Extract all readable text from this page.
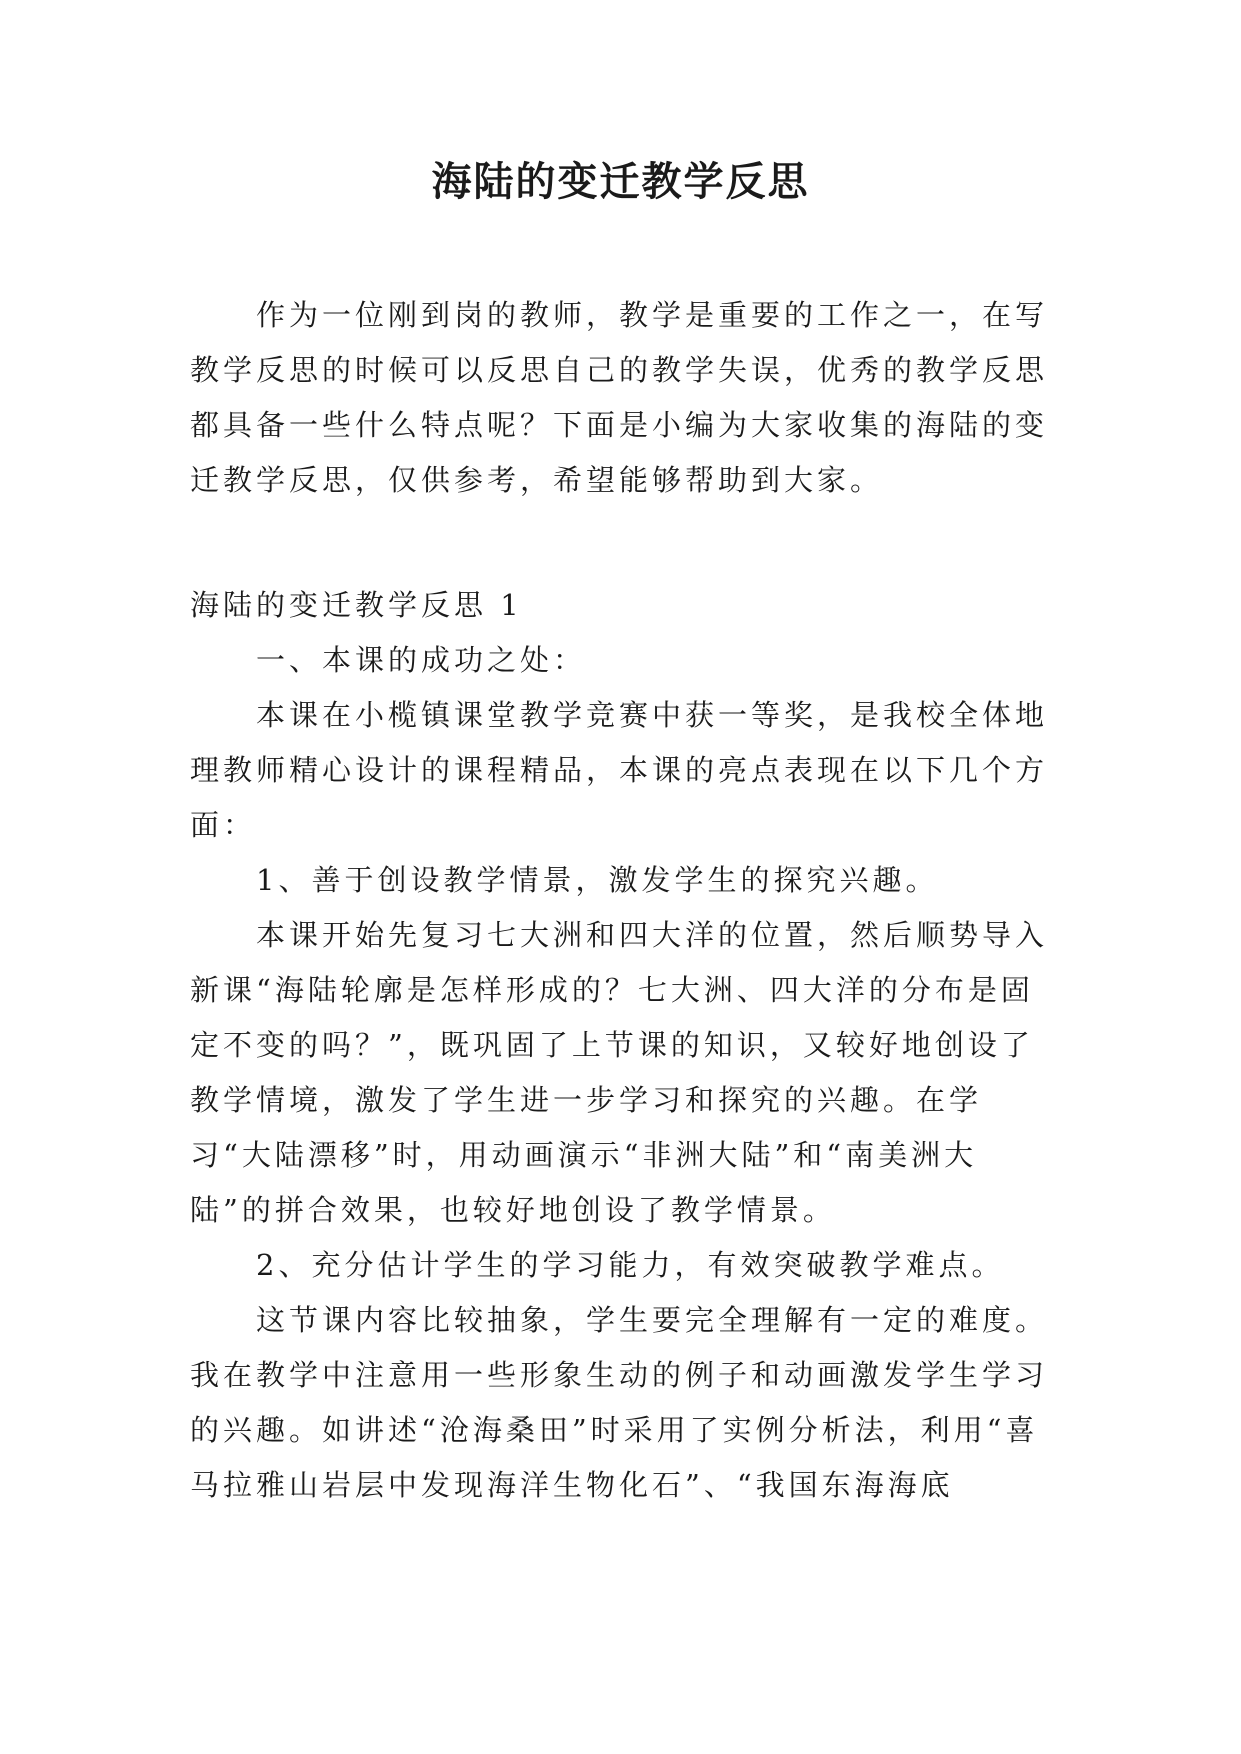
海陆的变迁教学反思

作为一位刚到岗的教师，教学是重要的工作之一，在写教学反思的时候可以反思自己的教学失误，优秀的教学反思都具备一些什么特点呢？下面是小编为大家收集的海陆的变迁教学反思，仅供参考，希望能够帮助到大家。

海陆的变迁教学反思 1

一、本课的成功之处：

本课在小榄镇课堂教学竞赛中获一等奖，是我校全体地理教师精心设计的课程精品，本课的亮点表现在以下几个方面：

1、善于创设教学情景，激发学生的探究兴趣。

本课开始先复习七大洲和四大洋的位置，然后顺势导入新课“海陆轮廓是怎样形成的？七大洲、四大洋的分布是固定不变的吗？”，既巩固了上节课的知识，又较好地创设了教学情境，激发了学生进一步学习和探究的兴趣。在学习“大陆漂移”时，用动画演示“非洲大陆”和“南美洲大陆”的拼合效果，也较好地创设了教学情景。

2、充分估计学生的学习能力，有效突破教学难点。

这节课内容比较抽象，学生要完全理解有一定的难度。我在教学中注意用一些形象生动的例子和动画激发学生学习的兴趣。如讲述“沧海桑田”时采用了实例分析法，利用“喜马拉雅山岩层中发现海洋生物化石”、“我国东海海底
